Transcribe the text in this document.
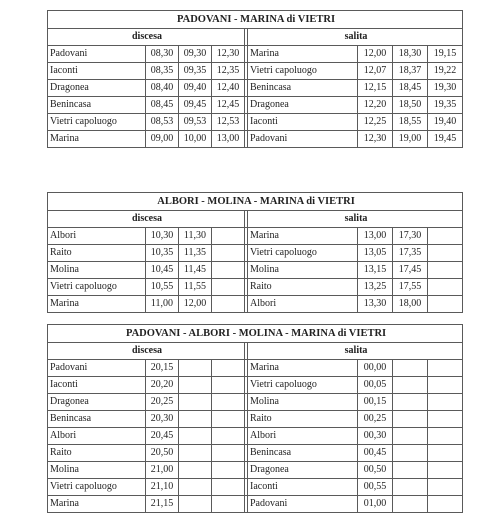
PADOVANI - MARINA di VIETRI								
discesa					salita			
Padovani	08,30	09,30	12,30		Marina	12,00	18,30	19,15
Iaconti	08,35	09,35	12,35		Vietri capoluogo	12,07	18,37	19,22
Dragonea	08,40	09,40	12,40		Benincasa	12,15	18,45	19,30
Benincasa	08,45	09,45	12,45		Dragonea	12,20	18,50	19,35
Vietri capoluogo	08,53	09,53	12,53		Iaconti	12,25	18,55	19,40
Marina	09,00	10,00	13,00		Padovani	12,30	19,00	19,45
ALBORI - MOLINA - MARINA di VIETRI								
discesa					salita			
Albori	10,30	11,30			Marina	13,00	17,30	
Raito	10,35	11,35			Vietri capoluogo	13,05	17,35	
Molina	10,45	11,45			Molina	13,15	17,45	
Vietri capoluogo	10,55	11,55			Raito	13,25	17,55	
Marina	11,00	12,00			Albori	13,30	18,00	
PADOVANI - ALBORI - MOLINA - MARINA di VIETRI								
discesa					salita			
Padovani	20,15				Marina	00,00		
Iaconti	20,20				Vietri capoluogo	00,05		
Dragonea	20,25				Molina	00,15		
Benincasa	20,30				Raito	00,25		
Albori	20,45				Albori	00,30		
Raito	20,50				Benincasa	00,45		
Molina	21,00				Dragonea	00,50		
Vietri capoluogo	21,10				Iaconti	00,55		
Marina	21,15				Padovani	01,00		
